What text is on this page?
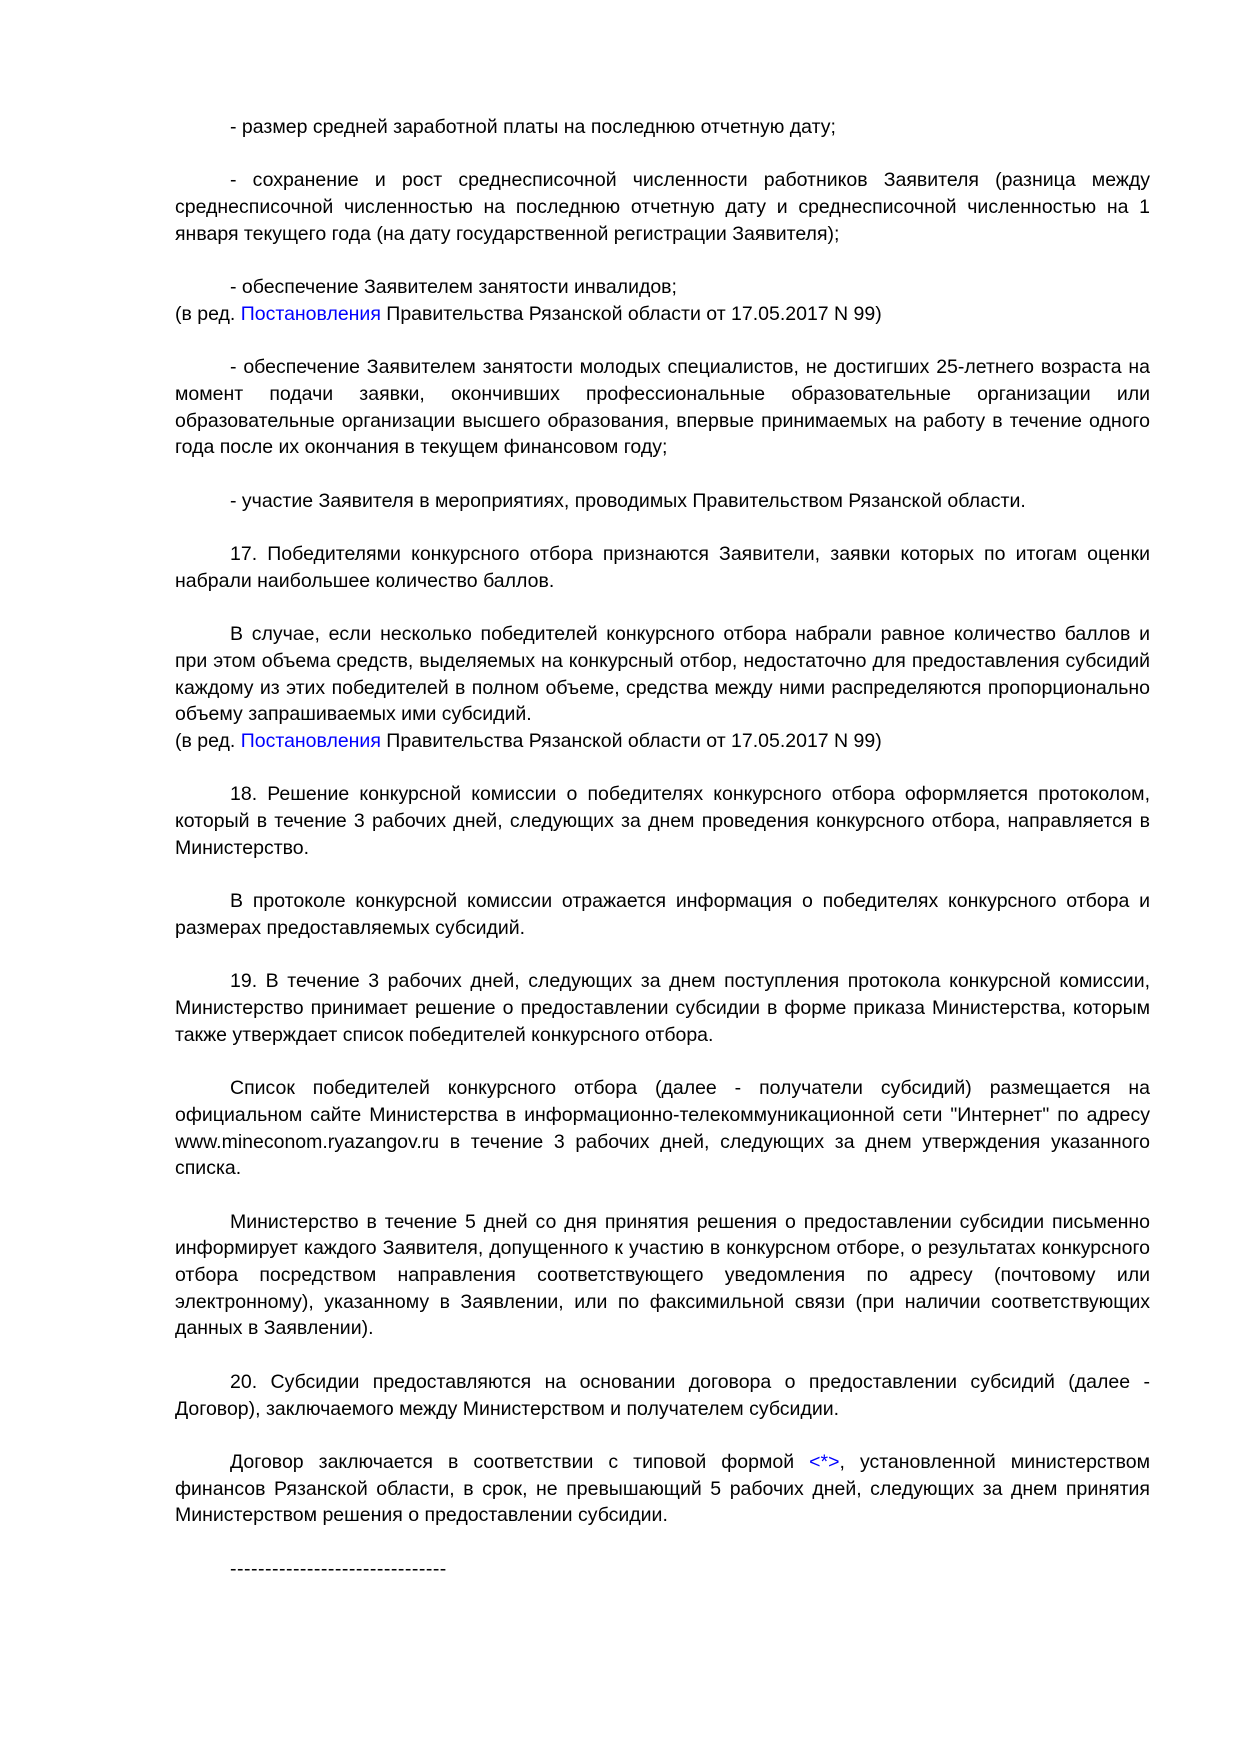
- размер средней заработной платы на последнюю отчетную дату;
- сохранение и рост среднесписочной численности работников Заявителя (разница между среднесписочной численностью на последнюю отчетную дату и среднесписочной численностью на 1 января текущего года (на дату государственной регистрации Заявителя);
- обеспечение Заявителем занятости инвалидов;
(в ред. Постановления Правительства Рязанской области от 17.05.2017 N 99)
- обеспечение Заявителем занятости молодых специалистов, не достигших 25-летнего возраста на момент подачи заявки, окончивших профессиональные образовательные организации или образовательные организации высшего образования, впервые принимаемых на работу в течение одного года после их окончания в текущем финансовом году;
- участие Заявителя в мероприятиях, проводимых Правительством Рязанской области.
17. Победителями конкурсного отбора признаются Заявители, заявки которых по итогам оценки набрали наибольшее количество баллов.
В случае, если несколько победителей конкурсного отбора набрали равное количество баллов и при этом объема средств, выделяемых на конкурсный отбор, недостаточно для предоставления субсидий каждому из этих победителей в полном объеме, средства между ними распределяются пропорционально объему запрашиваемых ими субсидий.
(в ред. Постановления Правительства Рязанской области от 17.05.2017 N 99)
18. Решение конкурсной комиссии о победителях конкурсного отбора оформляется протоколом, который в течение 3 рабочих дней, следующих за днем проведения конкурсного отбора, направляется в Министерство.
В протоколе конкурсной комиссии отражается информация о победителях конкурсного отбора и размерах предоставляемых субсидий.
19. В течение 3 рабочих дней, следующих за днем поступления протокола конкурсной комиссии, Министерство принимает решение о предоставлении субсидии в форме приказа Министерства, которым также утверждает список победителей конкурсного отбора.
Список победителей конкурсного отбора (далее - получатели субсидий) размещается на официальном сайте Министерства в информационно-телекоммуникационной сети "Интернет" по адресу www.mineconom.ryazangov.ru в течение 3 рабочих дней, следующих за днем утверждения указанного списка.
Министерство в течение 5 дней со дня принятия решения о предоставлении субсидии письменно информирует каждого Заявителя, допущенного к участию в конкурсном отборе, о результатах конкурсного отбора посредством направления соответствующего уведомления по адресу (почтовому или электронному), указанному в Заявлении, или по факсимильной связи (при наличии соответствующих данных в Заявлении).
20. Субсидии предоставляются на основании договора о предоставлении субсидий (далее - Договор), заключаемого между Министерством и получателем субсидии.
Договор заключается в соответствии с типовой формой <*>, установленной министерством финансов Рязанской области, в срок, не превышающий 5 рабочих дней, следующих за днем принятия Министерством решения о предоставлении субсидии.
-------------------------------
